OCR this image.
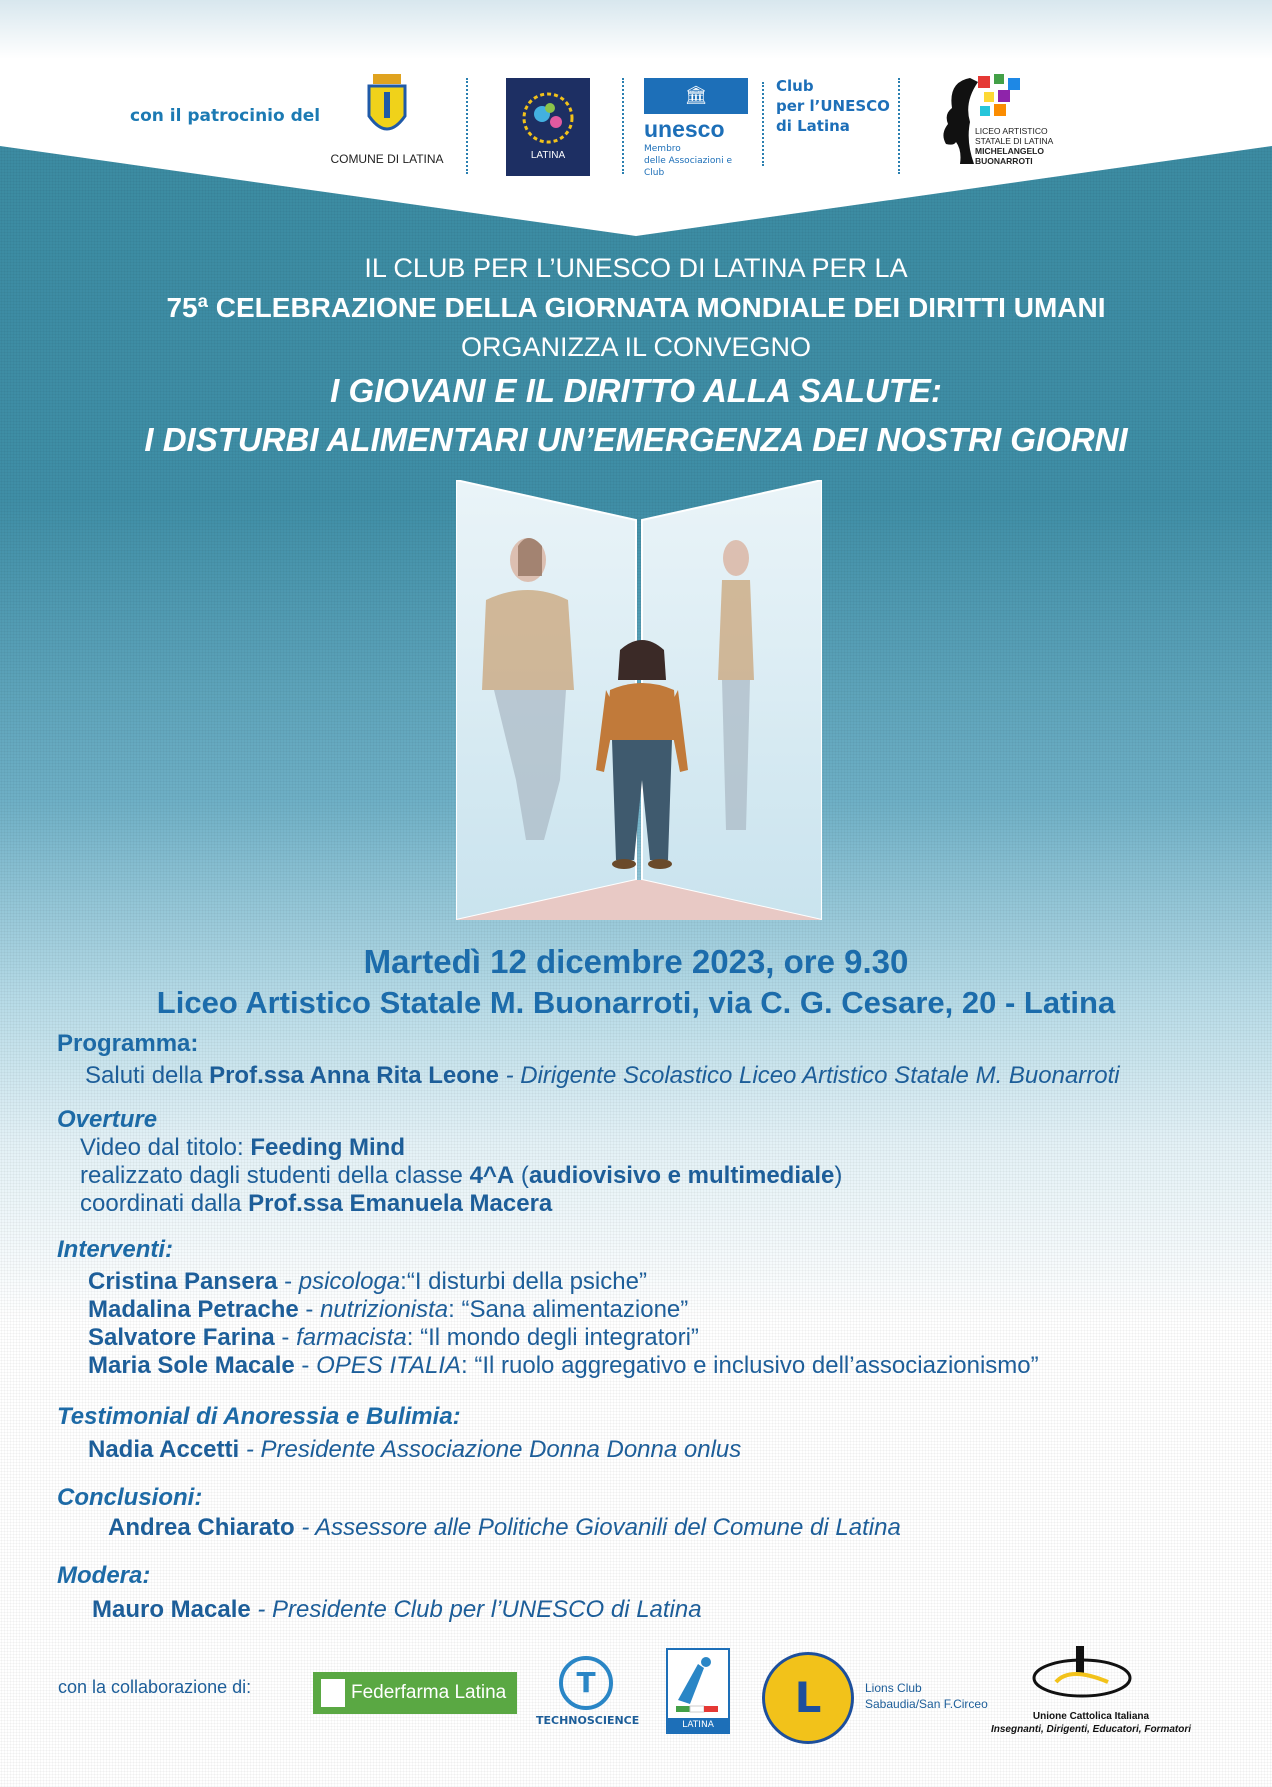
con il patrocinio del
COMUNE DI LATINA	LATINA
🏛
unesco
Membro
delle Associazioni e Club
Club
per l’UNESCO
di Latina	LICEO ARTISTICO
STATALE DI LATINA
MICHELANGELO
BUONARROTI
IL CLUB PER L’UNESCO DI LATINA PER LA
75ª CELEBRAZIONE DELLA GIORNATA MONDIALE DEI DIRITTI UMANI
ORGANIZZA IL CONVEGNO
I GIOVANI E IL DIRITTO ALLA SALUTE:
I DISTURBI ALIMENTARI UN’EMERGENZA DEI NOSTRI GIORNI
Martedì 12 dicembre 2023, ore 9.30
Liceo Artistico Statale M. Buonarroti, via C. G. Cesare, 20 - Latina
Programma:
Saluti della Prof.ssa Anna Rita Leone - Dirigente Scolastico Liceo Artistico Statale M. Buonarroti
Overture
Video dal titolo: Feeding Mind
realizzato dagli studenti della classe 4^A (audiovisivo e multimediale)
coordinati dalla Prof.ssa Emanuela Macera
Interventi:
Cristina Pansera - psicologa:“I disturbi della psiche”
Madalina Petrache - nutrizionista: “Sana alimentazione”
Salvatore Farina - farmacista: “Il mondo degli integratori”
Maria Sole Macale - OPES ITALIA: “Il ruolo aggregativo e inclusivo dell’associazionismo”
Testimonial di Anoressia e Bulimia:
Nadia Accetti - Presidente Associazione Donna Donna onlus
Conclusioni:
Andrea Chiarato - Assessore alle Politiche Giovanili del Comune di Latina
Modera:
Mauro Macale - Presidente Club per l’UNESCO di Latina
con la collaborazione di:	Federfarma Latina	T
TECHNOSCIENCE	LATINA
L	Lions Club
Sabaudia/San F.Circeo
Unione Cattolica Italiana
Insegnanti, Dirigenti, Educatori, Formatori
